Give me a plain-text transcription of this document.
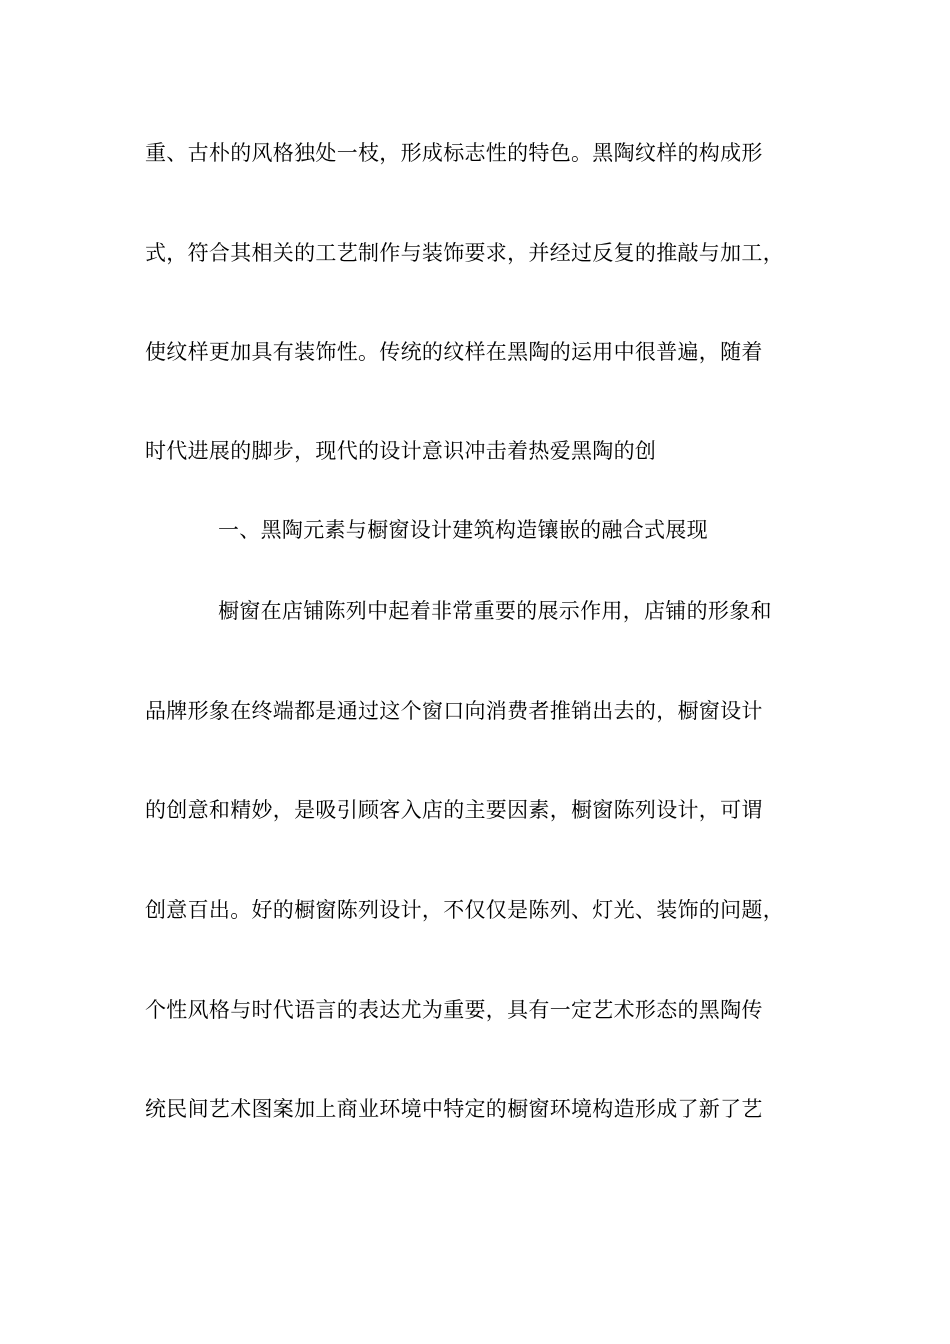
重、古朴的风格独处一枝，形成标志性的特色。黑陶纹样的构成形
式，符合其相关的工艺制作与装饰要求，并经过反复的推敲与加工，
使纹样更加具有装饰性。传统的纹样在黑陶的运用中很普遍，随着
时代进展的脚步，现代的设计意识冲击着热爱黑陶的创
一、黑陶元素与橱窗设计建筑构造镶嵌的融合式展现
橱窗在店铺陈列中起着非常重要的展示作用，店铺的形象和
品牌形象在终端都是通过这个窗口向消费者推销出去的，橱窗设计
的创意和精妙，是吸引顾客入店的主要因素，橱窗陈列设计，可谓
创意百出。好的橱窗陈列设计，不仅仅是陈列、灯光、装饰的问题，
个性风格与时代语言的表达尤为重要，具有一定艺术形态的黑陶传
统民间艺术图案加上商业环境中特定的橱窗环境构造形成了新了艺
